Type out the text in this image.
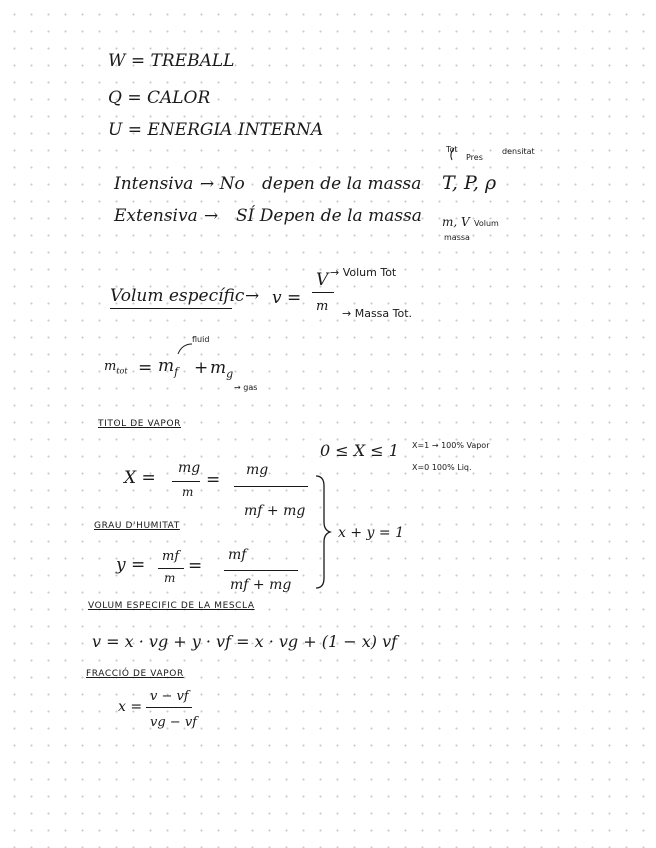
W = TREBALL
Q = CALOR
U = ENERGIA INTERNA
Intensiva → No depen de la massa
Extensiva → SÍ Depen de la massa
T, P, ρ
Tot
Pres
densitat
m, V
massa
Volum
Volum específic → v =
V
m
→ Volum Tot
→ Massa Tot.
$m_{tot} = m_f + m_g$
fluid
→ gas
TITOL DE VAPOR
0 ≤ X ≤ 1 X=1 → 100% Vapor
X=0 100% Liq.
X = mg
m
= mg
mf + mg
x + y = 1
GRAU D'HUMITAT
y = mf
m
=
mf
mf + mg
VOLUM ESPECIFIC DE LA MESCLA
v = x · vg + y · vf = x · vg + (1 − x) vf
FRACCIÓ DE VAPOR
x =
v − vf
vg − vf
